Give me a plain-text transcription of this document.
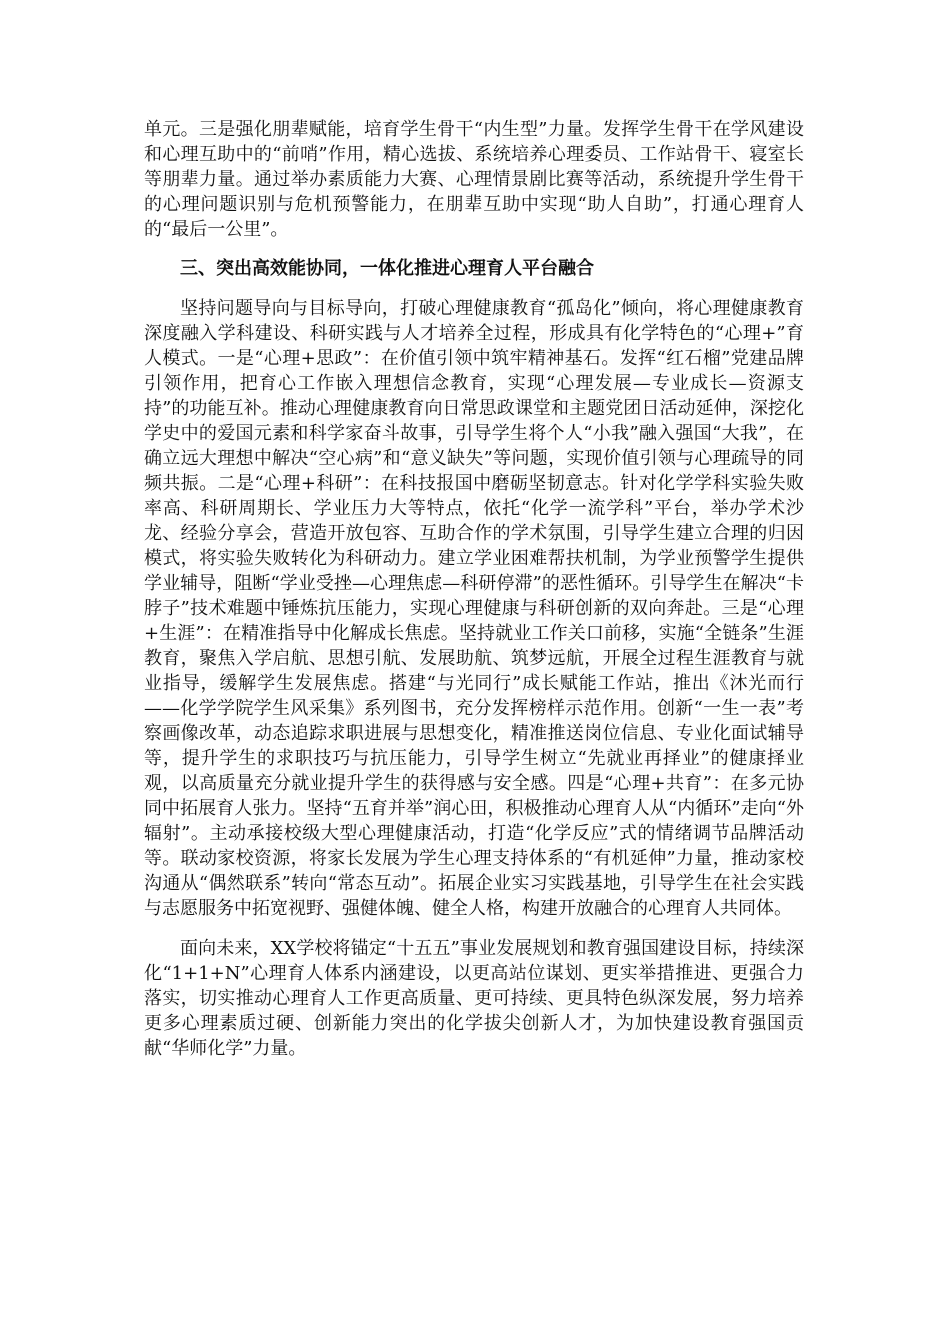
单元。三是强化朋辈赋能，培育学生骨干“内生型”力量。发挥学生骨干在学风建设和心理互助中的“前哨”作用，精心选拔、系统培养心理委员、工作站骨干、寝室长等朋辈力量。通过举办素质能力大赛、心理情景剧比赛等活动，系统提升学生骨干的心理问题识别与危机预警能力，在朋辈互助中实现“助人自助”，打通心理育人的“最后一公里”。

三、突出高效能协同，一体化推进心理育人平台融合

坚持问题导向与目标导向，打破心理健康教育“孤岛化”倾向，将心理健康教育深度融入学科建设、科研实践与人才培养全过程，形成具有化学特色的“心理+”育人模式。一是“心理+思政”：在价值引领中筑牢精神基石。发挥“红石榴”党建品牌引领作用，把育心工作嵌入理想信念教育，实现“心理发展—专业成长—资源支持”的功能互补。推动心理健康教育向日常思政课堂和主题党团日活动延伸，深挖化学史中的爱国元素和科学家奋斗故事，引导学生将个人“小我”融入强国“大我”，在确立远大理想中解决“空心病”和“意义缺失”等问题，实现价值引领与心理疏导的同频共振。二是“心理+科研”：在科技报国中磨砺坚韧意志。针对化学学科实验失败率高、科研周期长、学业压力大等特点，依托“化学一流学科”平台，举办学术沙龙、经验分享会，营造开放包容、互助合作的学术氛围，引导学生建立合理的归因模式，将实验失败转化为科研动力。建立学业困难帮扶机制，为学业预警学生提供学业辅导，阻断“学业受挫—心理焦虑—科研停滞”的恶性循环。引导学生在解决“卡脖子”技术难题中锤炼抗压能力，实现心理健康与科研创新的双向奔赴。三是“心理+生涯”：在精准指导中化解成长焦虑。坚持就业工作关口前移，实施“全链条”生涯教育，聚焦入学启航、思想引航、发展助航、筑梦远航，开展全过程生涯教育与就业指导，缓解学生发展焦虑。搭建“与光同行”成长赋能工作站，推出《沐光而行——化学学院学生风采集》系列图书，充分发挥榜样示范作用。创新“一生一表”考察画像改革，动态追踪求职进展与思想变化，精准推送岗位信息、专业化面试辅导等，提升学生的求职技巧与抗压能力，引导学生树立“先就业再择业”的健康择业观，以高质量充分就业提升学生的获得感与安全感。四是“心理+共育”：在多元协同中拓展育人张力。坚持“五育并举”润心田，积极推动心理育人从“内循环”走向“外辐射”。主动承接校级大型心理健康活动，打造“化学反应”式的情绪调节品牌活动等。联动家校资源，将家长发展为学生心理支持体系的“有机延伸”力量，推动家校沟通从“偶然联系”转向“常态互动”。拓展企业实习实践基地，引导学生在社会实践与志愿服务中拓宽视野、强健体魄、健全人格，构建开放融合的心理育人共同体。

面向未来，XX学校将锚定“十五五”事业发展规划和教育强国建设目标，持续深化“1+1+N”心理育人体系内涵建设，以更高站位谋划、更实举措推进、更强合力落实，切实推动心理育人工作更高质量、更可持续、更具特色纵深发展，努力培养更多心理素质过硬、创新能力突出的化学拔尖创新人才，为加快建设教育强国贡献“华师化学”力量。
